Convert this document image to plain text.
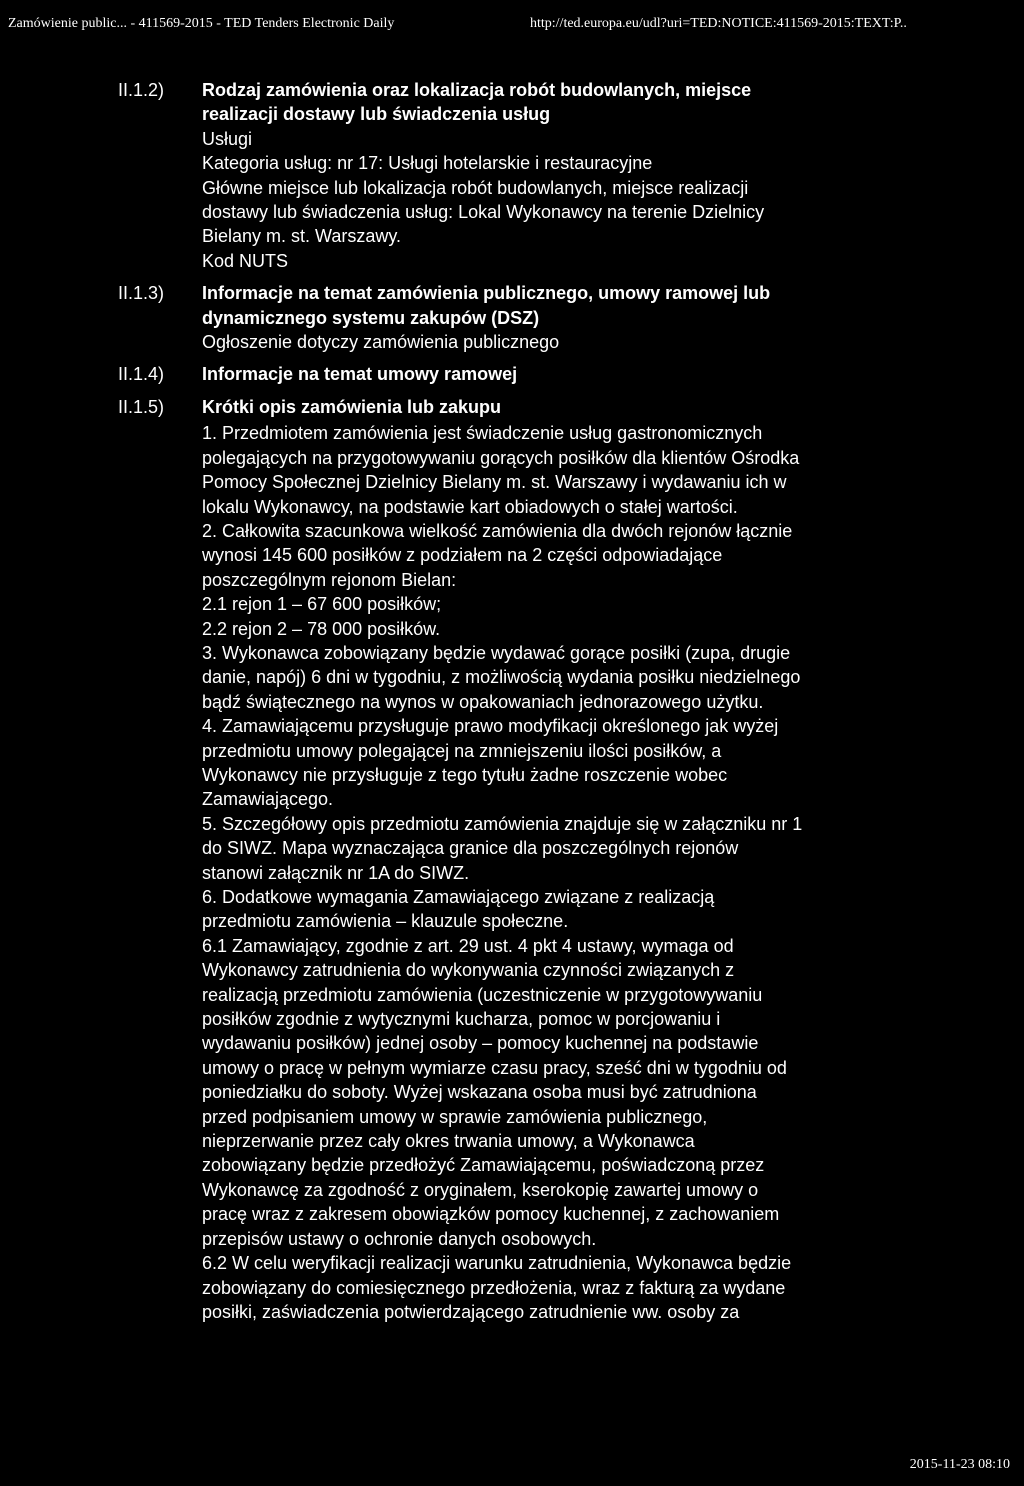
Zamówienie public... - 411569-2015 - TED Tenders Electronic Daily	http://ted.europa.eu/udl?uri=TED:NOTICE:411569-2015:TEXT:P..
II.1.2) Rodzaj zamówienia oraz lokalizacja robót budowlanych, miejsce
realizacji dostawy lub świadczenia usług
Usługi
Kategoria usług: nr 17: Usługi hotelarskie i restauracyjne
Główne miejsce lub lokalizacja robót budowlanych, miejsce realizacji
dostawy lub świadczenia usług: Lokal Wykonawcy na terenie Dzielnicy
Bielany m. st. Warszawy.
Kod NUTS
II.1.3) Informacje na temat zamówienia publicznego, umowy ramowej lub
dynamicznego systemu zakupów (DSZ)
Ogłoszenie dotyczy zamówienia publicznego
II.1.4) Informacje na temat umowy ramowej
II.1.5) Krótki opis zamówienia lub zakupu
1. Przedmiotem zamówienia jest świadczenie usług gastronomicznych
polegających na przygotowywaniu gorących posiłków dla klientów Ośrodka
Pomocy Społecznej Dzielnicy Bielany m. st. Warszawy i wydawaniu ich w
lokalu Wykonawcy, na podstawie kart obiadowych o stałej wartości.
2. Całkowita szacunkowa wielkość zamówienia dla dwóch rejonów łącznie
wynosi 145 600 posiłków z podziałem na 2 części odpowiadające
poszczególnym rejonom Bielan:
2.1 rejon 1 – 67 600 posiłków;
2.2 rejon 2 – 78 000 posiłków.
3. Wykonawca zobowiązany będzie wydawać gorące posiłki (zupa, drugie
danie, napój) 6 dni w tygodniu, z możliwością wydania posiłku niedzielnego
bądź świątecznego na wynos w opakowaniach jednorazowego użytku.
4. Zamawiającemu przysługuje prawo modyfikacji określonego jak wyżej
przedmiotu umowy polegającej na zmniejszeniu ilości posiłków, a
Wykonawcy nie przysługuje z tego tytułu żadne roszczenie wobec
Zamawiającego.
5. Szczegółowy opis przedmiotu zamówienia znajduje się w załączniku nr 1
do SIWZ. Mapa wyznaczająca granice dla poszczególnych rejonów
stanowi załącznik nr 1A do SIWZ.
6. Dodatkowe wymagania Zamawiającego związane z realizacją
przedmiotu zamówienia – klauzule społeczne.
6.1 Zamawiający, zgodnie z art. 29 ust. 4 pkt 4 ustawy, wymaga od
Wykonawcy zatrudnienia do wykonywania czynności związanych z
realizacją przedmiotu zamówienia (uczestniczenie w przygotowywaniu
posiłków zgodnie z wytycznymi kucharza, pomoc w porcjowaniu i
wydawaniu posiłków) jednej osoby – pomocy kuchennej na podstawie
umowy o pracę w pełnym wymiarze czasu pracy, sześć dni w tygodniu od
poniedziałku do soboty. Wyżej wskazana osoba musi być zatrudniona
przed podpisaniem umowy w sprawie zamówienia publicznego,
nieprzerwanie przez cały okres trwania umowy, a Wykonawca
zobowiązany będzie przedłożyć Zamawiającemu, poświadczoną przez
Wykonawcę za zgodność z oryginałem, kserokopię zawartej umowy o
pracę wraz z zakresem obowiązków pomocy kuchennej, z zachowaniem
przepisów ustawy o ochronie danych osobowych.
6.2 W celu weryfikacji realizacji warunku zatrudnienia, Wykonawca będzie
zobowiązany do comiesięcznego przedłożenia, wraz z fakturą za wydane
posiłki, zaświadczenia potwierdzającego zatrudnienie ww. osoby za
2015-11-23 08:10
